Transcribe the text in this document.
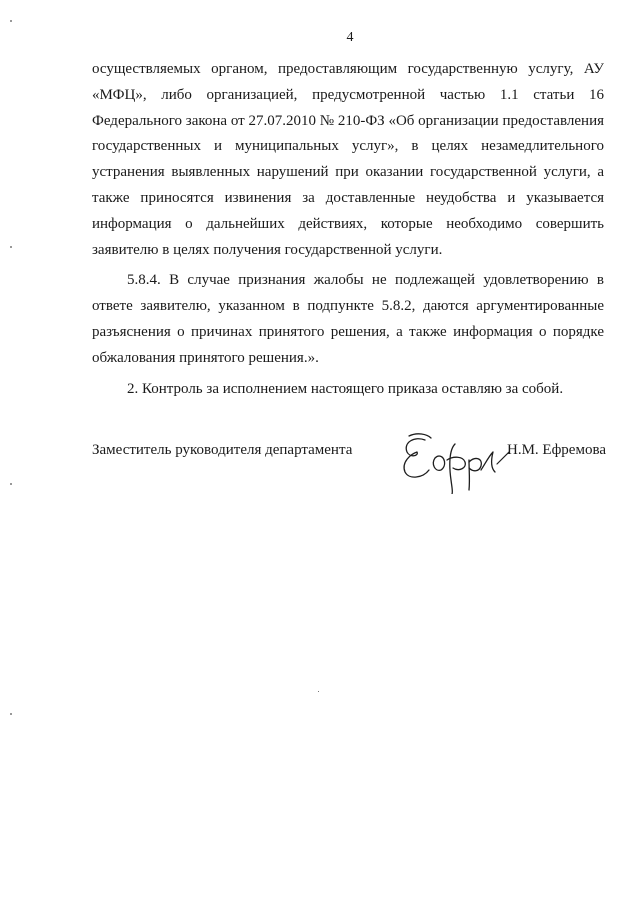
4

осуществляемых органом, предоставляющим государственную услугу, АУ «МФЦ», либо организацией, предусмотренной частью 1.1 статьи 16 Федерального закона от 27.07.2010 № 210-ФЗ «Об организации предоставления государственных и муниципальных услуг», в целях незамедлительного устранения выявленных нарушений при оказании государственной услуги, а также приносятся извинения за доставленные неудобства и указывается информация о дальнейших действиях, которые необходимо совершить заявителю в целях получения государственной услуги.

5.8.4. В случае признания жалобы не подлежащей удовлетворению в ответе заявителю, указанном в подпункте 5.8.2, даются аргументированные разъяснения о причинах принятого решения, а также информация о порядке обжалования принятого решения.».

2. Контроль за исполнением настоящего приказа оставляю за собой.

Заместитель руководителя департамента	Н.М. Ефремова
